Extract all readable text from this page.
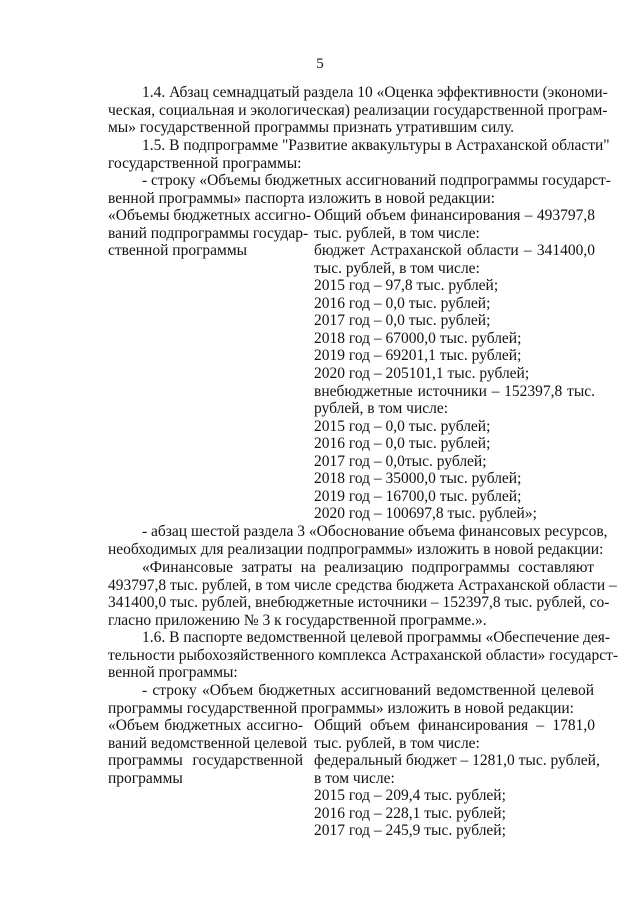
5
1.4. Абзац семнадцатый раздела 10 «Оценка эффективности (экономи-
ческая, социальная и экологическая) реализации государственной програм-
мы» государственной программы признать утратившим силу.
1.5. В подпрограмме "Развитие аквакультуры в Астраханской области"
государственной программы:
- строку «Объемы бюджетных ассигнований подпрограммы государст-
венной программы» паспорта изложить в новой редакции:
«Объемы бюджетных ассигно-
ваний подпрограммы государ-
ственной программы
Общий объем финансирования – 493797,8
тыс. рублей, в том числе:
бюджет Астраханской области – 341400,0
тыс. рублей, в том числе:
2015 год – 97,8 тыс. рублей;
2016 год – 0,0 тыс. рублей;
2017 год – 0,0 тыс. рублей;
2018 год – 67000,0 тыс. рублей;
2019 год – 69201,1 тыс. рублей;
2020 год – 205101,1 тыс. рублей;
внебюджетные источники – 152397,8 тыс.
рублей, в том числе:
2015 год – 0,0 тыс. рублей;
2016 год – 0,0 тыс. рублей;
2017 год – 0,0тыс. рублей;
2018 год – 35000,0 тыс. рублей;
2019 год – 16700,0 тыс. рублей;
2020 год – 100697,8 тыс. рублей»;
- абзац шестой раздела 3 «Обоснование объема финансовых ресурсов,
необходимых для реализации подпрограммы» изложить в новой редакции:
«Финансовые затраты на реализацию подпрограммы составляют
493797,8 тыс. рублей, в том числе средства бюджета Астраханской области –
341400,0 тыс. рублей, внебюджетные источники – 152397,8 тыс. рублей, со-
гласно приложению № 3 к государственной программе.».
1.6. В паспорте ведомственной целевой программы «Обеспечение дея-
тельности рыбохозяйственного комплекса Астраханской области» государст-
венной программы:
- строку «Объем бюджетных ассигнований ведомственной целевой
программы государственной программы» изложить в новой редакции:
«Объем бюджетных ассигно-
ваний ведомственной целевой
программы государственной
программы
Общий объем финансирования – 1781,0
тыс. рублей, в том числе:
федеральный бюджет – 1281,0 тыс. рублей,
в том числе:
2015 год – 209,4 тыс. рублей;
2016 год – 228,1 тыс. рублей;
2017 год – 245,9 тыс. рублей;
